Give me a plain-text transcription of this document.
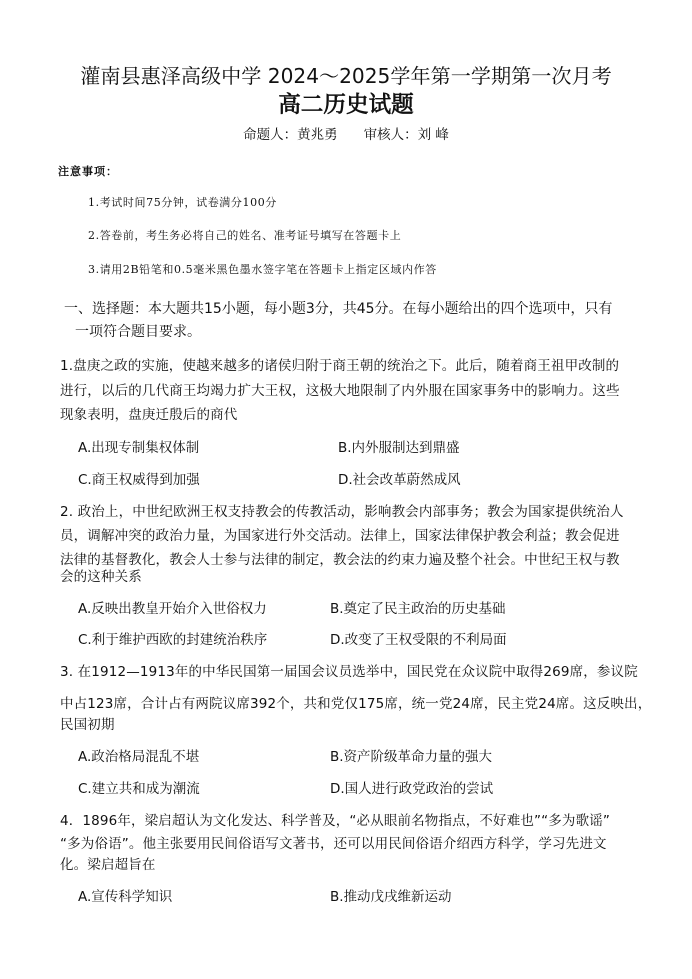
灌南县惠泽高级中学 2024～2025学年第一学期第一次月考
高二历史试题
命题人：黄兆勇 审核人：刘 峰
注意事项：
1.考试时间75分钟，试卷满分100分
2.答卷前，考生务必将自己的姓名、准考证号填写在答题卡上
3.请用2B铅笔和0.5毫米黑色墨水签字笔在答题卡上指定区域内作答
一、选择题：本大题共15小题，每小题3分，共45分。在每小题给出的四个选项中，只有
一项符合题目要求。
1.盘庚之政的实施，使越来越多的诸侯归附于商王朝的统治之下。此后，随着商王祖甲改制的
进行，以后的几代商王均竭力扩大王权，这极大地限制了内外服在国家事务中的影响力。这些
现象表明，盘庚迁殷后的商代
A.出现专制集权体制	B.内外服制达到鼎盛
C.商王权威得到加强	D.社会改革蔚然成风
2. 政治上，中世纪欧洲王权支持教会的传教活动，影响教会内部事务；教会为国家提供统治人
员，调解冲突的政治力量，为国家进行外交活动。法律上，国家法律保护教会利益；教会促进
法律的基督教化，教会人士参与法律的制定，教会法的约束力遍及整个社会。中世纪王权与教
会的这种关系
A.反映出教皇开始介入世俗权力	B.奠定了民主政治的历史基础
C.利于维护西欧的封建统治秩序	D.改变了王权受限的不利局面
3. 在1912—1913年的中华民国第一届国会议员选举中，国民党在众议院中取得269席，参议院
中占123席，合计占有两院议席392个，共和党仅175席，统一党24席，民主党24席。这反映出，
民国初期
A.政治格局混乱不堪	B.资产阶级革命力量的强大
C.建立共和成为潮流	D.国人进行政党政治的尝试
4．1896年，梁启超认为文化发达、科学普及，“必从眼前名物指点，不好难也”“多为歌谣”
“多为俗语”。他主张要用民间俗语写文著书，还可以用民间俗语介绍西方科学，学习先进文
化。梁启超旨在
A.宣传科学知识	B.推动戊戌维新运动
